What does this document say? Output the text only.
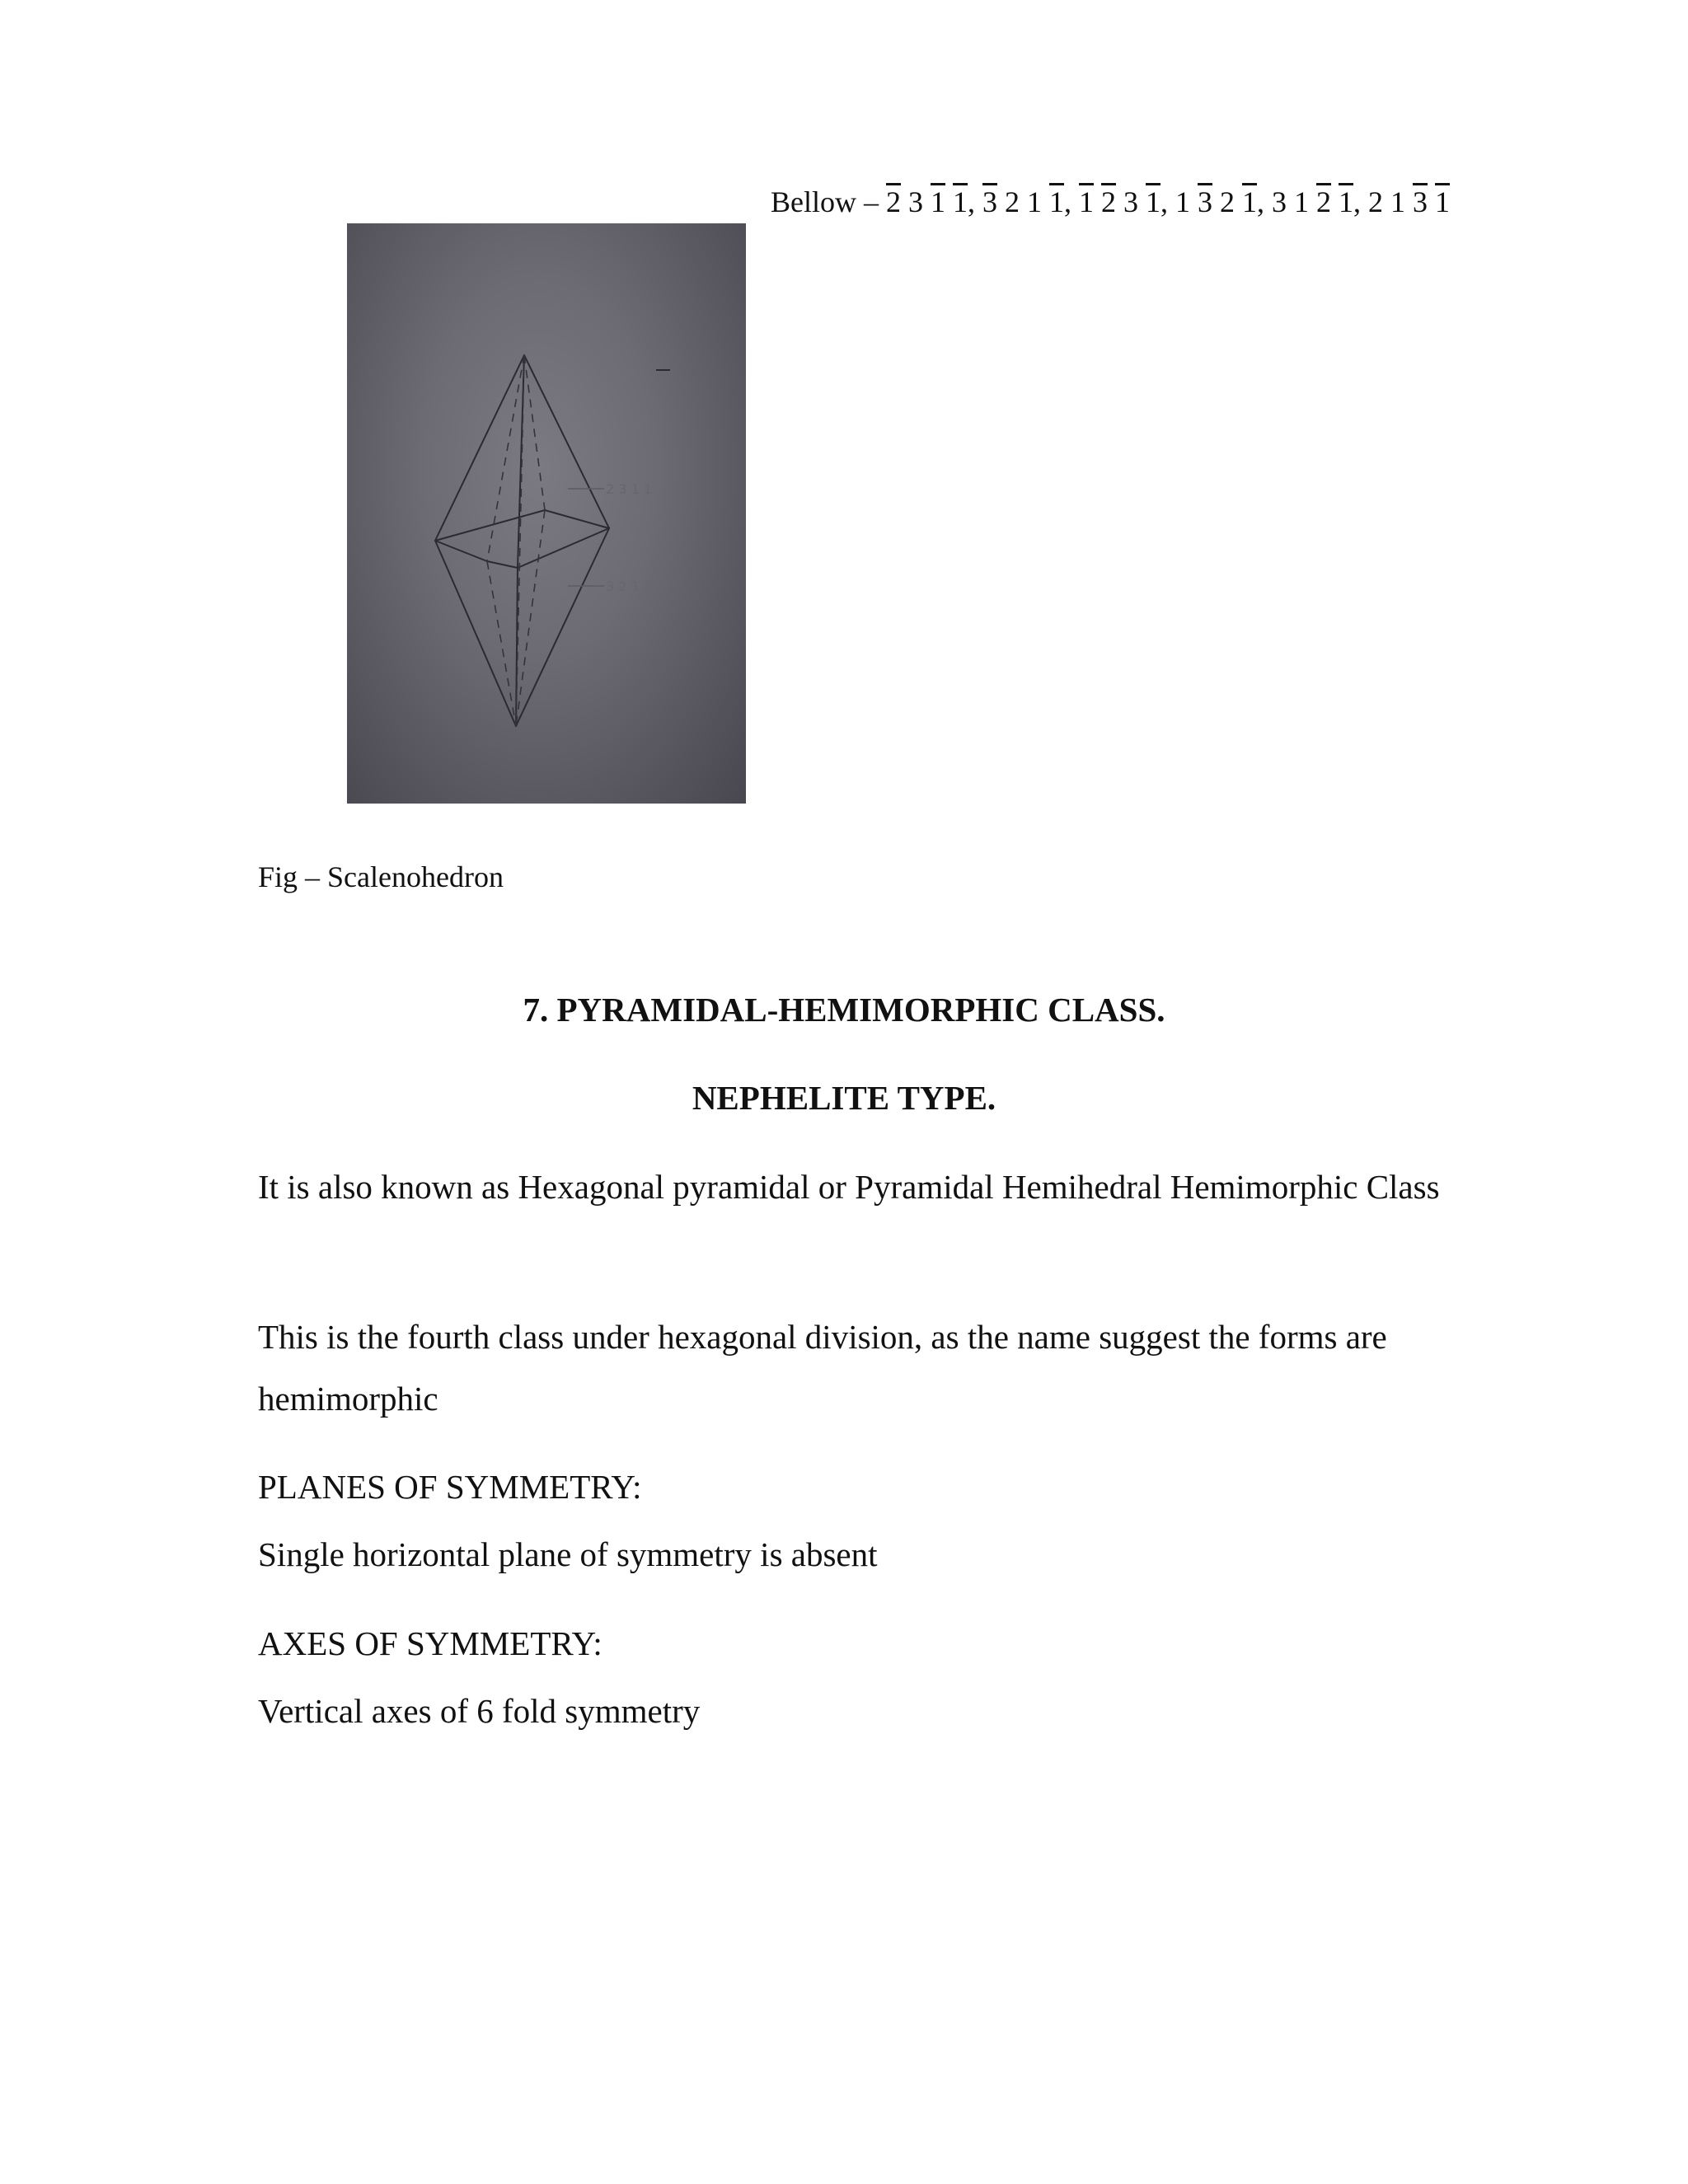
Bellow – 2 3 1 1, 3 2 1 1, 1 2 3 1, 1 3 2 1, 3 1 2 1, 2 1 3 1
2 3 1 1
3 2 1 1
Fig – Scalenohedron
7. PYRAMIDAL-HEMIMORPHIC CLASS.
NEPHELITE TYPE.
It is also known as Hexagonal pyramidal or Pyramidal Hemihedral Hemimorphic Class
This is the fourth class under hexagonal division, as the name suggest the forms are hemimorphic
PLANES OF SYMMETRY:
Single horizontal plane of symmetry is absent
AXES OF SYMMETRY:
Vertical axes of 6 fold symmetry
